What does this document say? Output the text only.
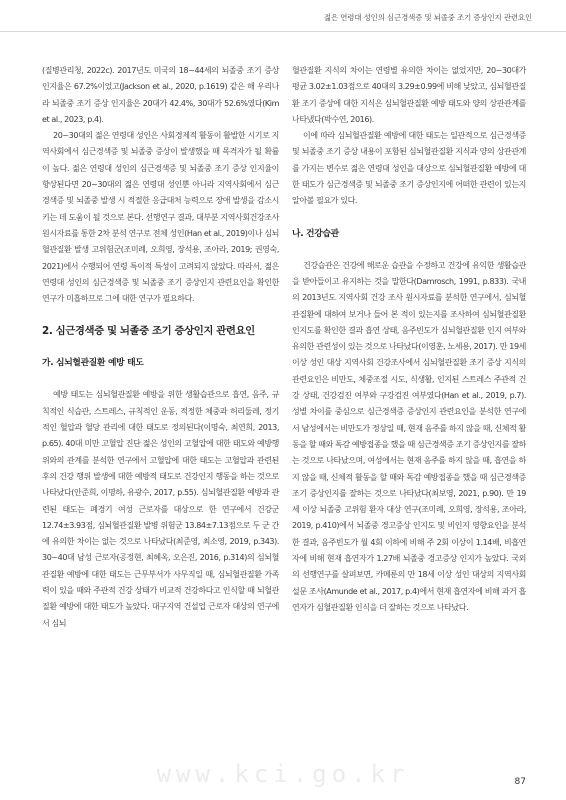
젊은 연령대 성인의 심근경색증 및 뇌졸중 조기 증상인지 관련요인

(질병관리청, 2022c). 2017년도 미국의 18~44세의 뇌졸중 조기 증상 인지율은 67.2%이었고(Jackson et al., 2020, p.1619) 같은 해 우리나라 뇌졸중 조기 증상 인지율은 20대가 42.4%, 30대가 52.6%였다(Kim et al., 2023, p.4).

20~30대의 젊은 연령대 성인은 사회경제적 활동이 활발한 시기로 지역사회에서 심근경색증 및 뇌졸중 증상이 발생했을 때 목격자가 될 확률이 높다. 젊은 연령대 성인의 심근경색증 및 뇌졸중 조기 증상 인지율이 향상된다면 20~30대의 젊은 연령대 성인뿐 아니라 지역사회에서 심근경색증 및 뇌졸중 발생 시 적절한 응급대처 능력으로 장애 발생을 감소시키는 데 도움이 될 것으로 본다. 선행연구 결과, 대부분 지역사회건강조사 원시자료를 통한 2차 분석 연구로 전체 성인(Han et al., 2019)이나 심뇌혈관질환 발생 고위험군(조미례, 오희영, 장석용, 조아라, 2019; 권영숙, 2021)에서 수행되어 연령 특이적 특성이 고려되지 않았다. 따라서, 젊은 연령대 성인의 심근경색증 및 뇌졸중 조기 증상인지 관련요인을 확인한 연구가 미흡하므로 그에 대한 연구가 필요하다.

2. 심근경색증 및 뇌졸중 조기 증상인지 관련요인
가. 심뇌혈관질환 예방 태도

예방 태도는 심뇌혈관질환 예방을 위한 생활습관으로 흡연, 음주, 규칙적인 식습관, 스트레스, 규칙적인 운동, 적정한 체중과 허리둘레, 정기적인 혈압과 혈당 관리에 대한 태도로 정의된다(이명숙, 최연희, 2013, p.65). 40대 미만 고혈압 진단 젊은 성인의 고혈압에 대한 태도와 예방행위와의 관계를 분석한 연구에서 고혈압에 대한 태도는 고혈압과 관련된 후의 건강 행위 발생에 대한 예방적 태도로 건강인지 행동을 하는 것으로 나타났다(안준희, 이명하, 유광수, 2017, p.55). 심뇌혈관질환 예방과 관련된 태도는 폐경기 여성 근로자를 대상으로 한 연구에서 건강군 12.74±3.93점, 심뇌혈관질환 발병 위험군 13.84±7.13점으로 두 군 간에 유의한 차이는 없는 것으로 나타났다(최준영, 최소영, 2019, p.343). 30~40대 남성 근로자(공정현, 최혜옥, 오은진, 2016, p.314)의 심뇌혈관질환 예방에 대한 태도는 근무부서가 사무직일 때, 심뇌혈관질환 가족력이 있을 때와 주관적 건강 상태가 비교적 건강하다고 인식할 때 뇌혈관질환 예방에 대한 태도가 높았다. 대구지역 건설업 근로자 대상의 연구에서 심뇌

혈관질환 지식의 차이는 연령별 유의한 차이는 없었지만, 20~30대가 평균 3.02±1.03점으로 40대의 3.29±0.99에 비해 낮았고, 심뇌혈관질환 조기 증상에 대한 지식은 심뇌혈관질환 예방 태도와 양의 상관관계를 나타냈다(박수연, 2016).

이에 따라 심뇌혈관질환 예방에 대한 태도는 일관적으로 심근경색증 및 뇌졸중 조기 증상 내용이 포함된 심뇌혈관질환 지식과 양의 상관관계를 가지는 변수로 젊은 연령대 성인을 대상으로 심뇌혈관질환 예방에 대한 태도가 심근경색증 및 뇌졸중 조기 증상인지에 어떠한 관련이 있는지 알아볼 필요가 있다.

나. 건강습관

건강습관은 건강에 해로운 습관을 수정하고 건강에 유익한 생활습관을 받아들이고 유지하는 것을 말한다(Damrosch, 1991, p.833). 국내의 2013년도 지역사회 건강 조사 원시자료를 분석한 연구에서, 심뇌혈관질환에 대하여 보거나 들어 본 적이 있는지를 조사하여 심뇌혈관질환 인지도를 확인한 결과 흡연 상태, 음주빈도가 심뇌혈관질환 인지 여부와 유의한 관련성이 있는 것으로 나타났다(이영훈, 노세용, 2017). 만 19세 이상 성인 대상 지역사회 건강조사에서 심뇌혈관질환 조기 증상 지식의 관련요인은 비만도, 체중조절 시도, 식생활, 인지된 스트레스 주관적 건강 상태, 건강검진 여부와 구강검진 여부였다(Han et al., 2019, p.7). 성별 차이를 중심으로 심근경색증 증상인지 관련요인을 분석한 연구에서 남성에서는 비만도가 정상일 때, 현재 음주를 하지 않을 때, 신체적 활동을 할 때와 독감 예방접종을 했을 때 심근경색증 조기 증상인지를 잘하는 것으로 나타났으며, 여성에서는 현재 음주를 하지 않을 때, 흡연을 하지 않을 때, 신체적 활동을 할 때와 독감 예방접종을 했을 때 심근경색증 조기 증상인지를 잘하는 것으로 나타났다(최보영, 2021, p.90). 만 19세 이상 뇌졸중 고위험 환자 대상 연구(조미례, 오희영, 장석용, 조아라, 2019, p.410)에서 뇌졸중 경고증상 인지도 및 비인지 영향요인을 분석한 결과, 음주빈도가 월 4회 이하에 비해 주 2회 이상이 1.14배, 비흡연자에 비해 현재 흡연자가 1.27배 뇌졸중 경고증상 인지가 높았다. 국외의 선행연구를 살펴보면, 카메룬의 만 18세 이상 성인 대상의 지역사회 설문 조사(Amunde et al., 2017, p.4)에서 현재 흡연자에 비해 과거 흡연자가 심혈관질환 인식을 더 잘하는 것으로 나타났다.

www.kci.go.kr	87
